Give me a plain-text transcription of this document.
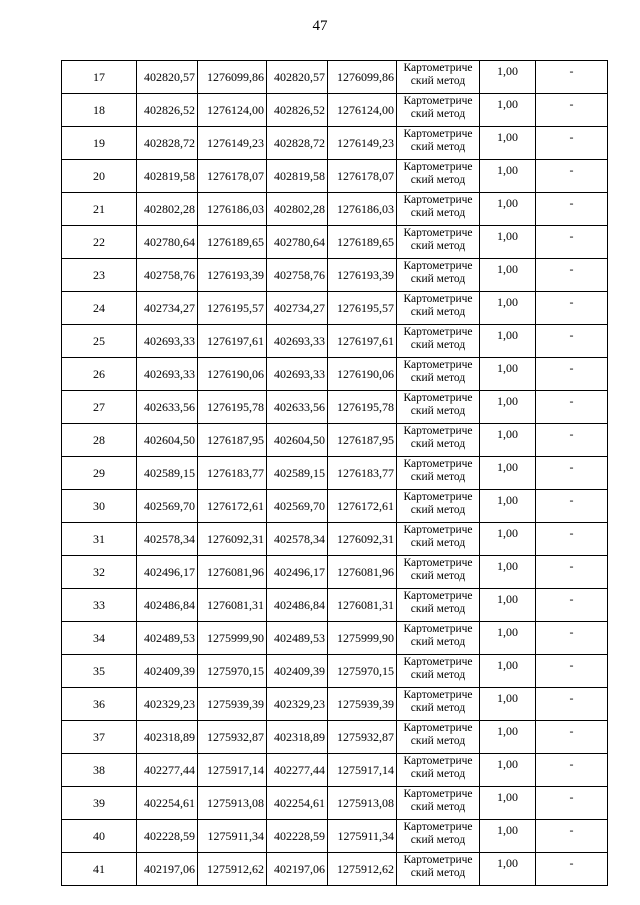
47
17	402820,57	1276099,86	402820,57	1276099,86	Картометриче
ский метод	1,00	-
18	402826,52	1276124,00	402826,52	1276124,00	Картометриче
ский метод	1,00	-
19	402828,72	1276149,23	402828,72	1276149,23	Картометриче
ский метод	1,00	-
20	402819,58	1276178,07	402819,58	1276178,07	Картометриче
ский метод	1,00	-
21	402802,28	1276186,03	402802,28	1276186,03	Картометриче
ский метод	1,00	-
22	402780,64	1276189,65	402780,64	1276189,65	Картометриче
ский метод	1,00	-
23	402758,76	1276193,39	402758,76	1276193,39	Картометриче
ский метод	1,00	-
24	402734,27	1276195,57	402734,27	1276195,57	Картометриче
ский метод	1,00	-
25	402693,33	1276197,61	402693,33	1276197,61	Картометриче
ский метод	1,00	-
26	402693,33	1276190,06	402693,33	1276190,06	Картометриче
ский метод	1,00	-
27	402633,56	1276195,78	402633,56	1276195,78	Картометриче
ский метод	1,00	-
28	402604,50	1276187,95	402604,50	1276187,95	Картометриче
ский метод	1,00	-
29	402589,15	1276183,77	402589,15	1276183,77	Картометриче
ский метод	1,00	-
30	402569,70	1276172,61	402569,70	1276172,61	Картометриче
ский метод	1,00	-
31	402578,34	1276092,31	402578,34	1276092,31	Картометриче
ский метод	1,00	-
32	402496,17	1276081,96	402496,17	1276081,96	Картометриче
ский метод	1,00	-
33	402486,84	1276081,31	402486,84	1276081,31	Картометриче
ский метод	1,00	-
34	402489,53	1275999,90	402489,53	1275999,90	Картометриче
ский метод	1,00	-
35	402409,39	1275970,15	402409,39	1275970,15	Картометриче
ский метод	1,00	-
36	402329,23	1275939,39	402329,23	1275939,39	Картометриче
ский метод	1,00	-
37	402318,89	1275932,87	402318,89	1275932,87	Картометриче
ский метод	1,00	-
38	402277,44	1275917,14	402277,44	1275917,14	Картометриче
ский метод	1,00	-
39	402254,61	1275913,08	402254,61	1275913,08	Картометриче
ский метод	1,00	-
40	402228,59	1275911,34	402228,59	1275911,34	Картометриче
ский метод	1,00	-
41	402197,06	1275912,62	402197,06	1275912,62	Картометриче
ский метод	1,00	-
